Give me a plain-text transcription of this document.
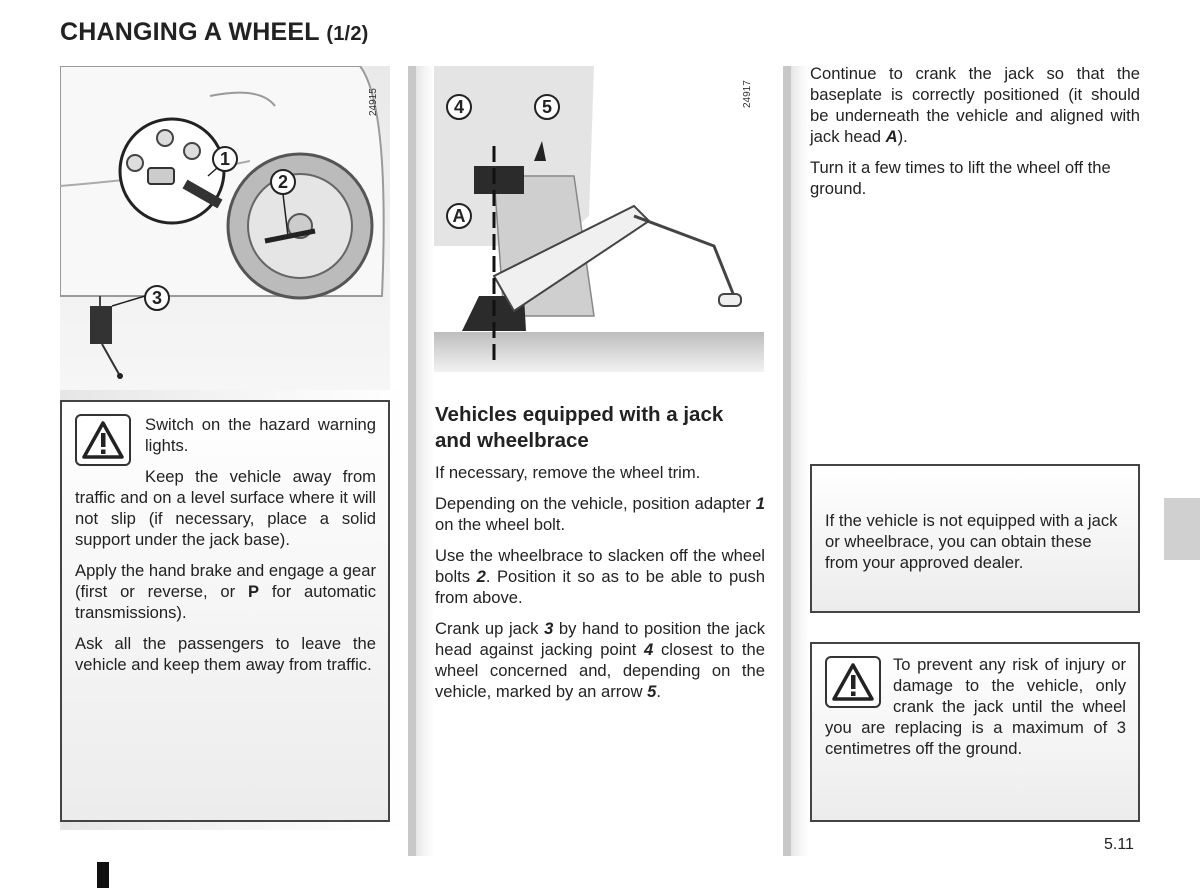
CHANGING A WHEEL (1/2)
1
2
3
24915	4	5
A
24917

Switch on the hazard warning lights.

Keep the vehicle away from traffic and on a level surface where it will not slip (if necessary, place a solid support under the jack base).

Apply the hand brake and engage a gear (first or reverse, or P for automatic transmissions).

Ask all the passengers to leave the vehicle and keep them away from traffic.

Vehicles equipped with a jack and wheelbrace

If necessary, remove the wheel trim.

Depending on the vehicle, position adapter 1 on the wheel bolt.

Use the wheelbrace to slacken off the wheel bolts 2. Position it so as to be able to push from above.

Crank up jack 3 by hand to position the jack head against jacking point 4 closest to the wheel concerned and, depending on the vehicle, marked by an arrow 5.

Continue to crank the jack so that the baseplate is correctly positioned (it should be underneath the vehicle and aligned with jack head A).

Turn it a few times to lift the wheel off the ground.

If the vehicle is not equipped with a jack or wheelbrace, you can obtain these from your approved dealer.

To prevent any risk of injury or damage to the vehicle, only crank the jack until the wheel you are replacing is a maximum of 3 centimetres off the ground.

5.11
